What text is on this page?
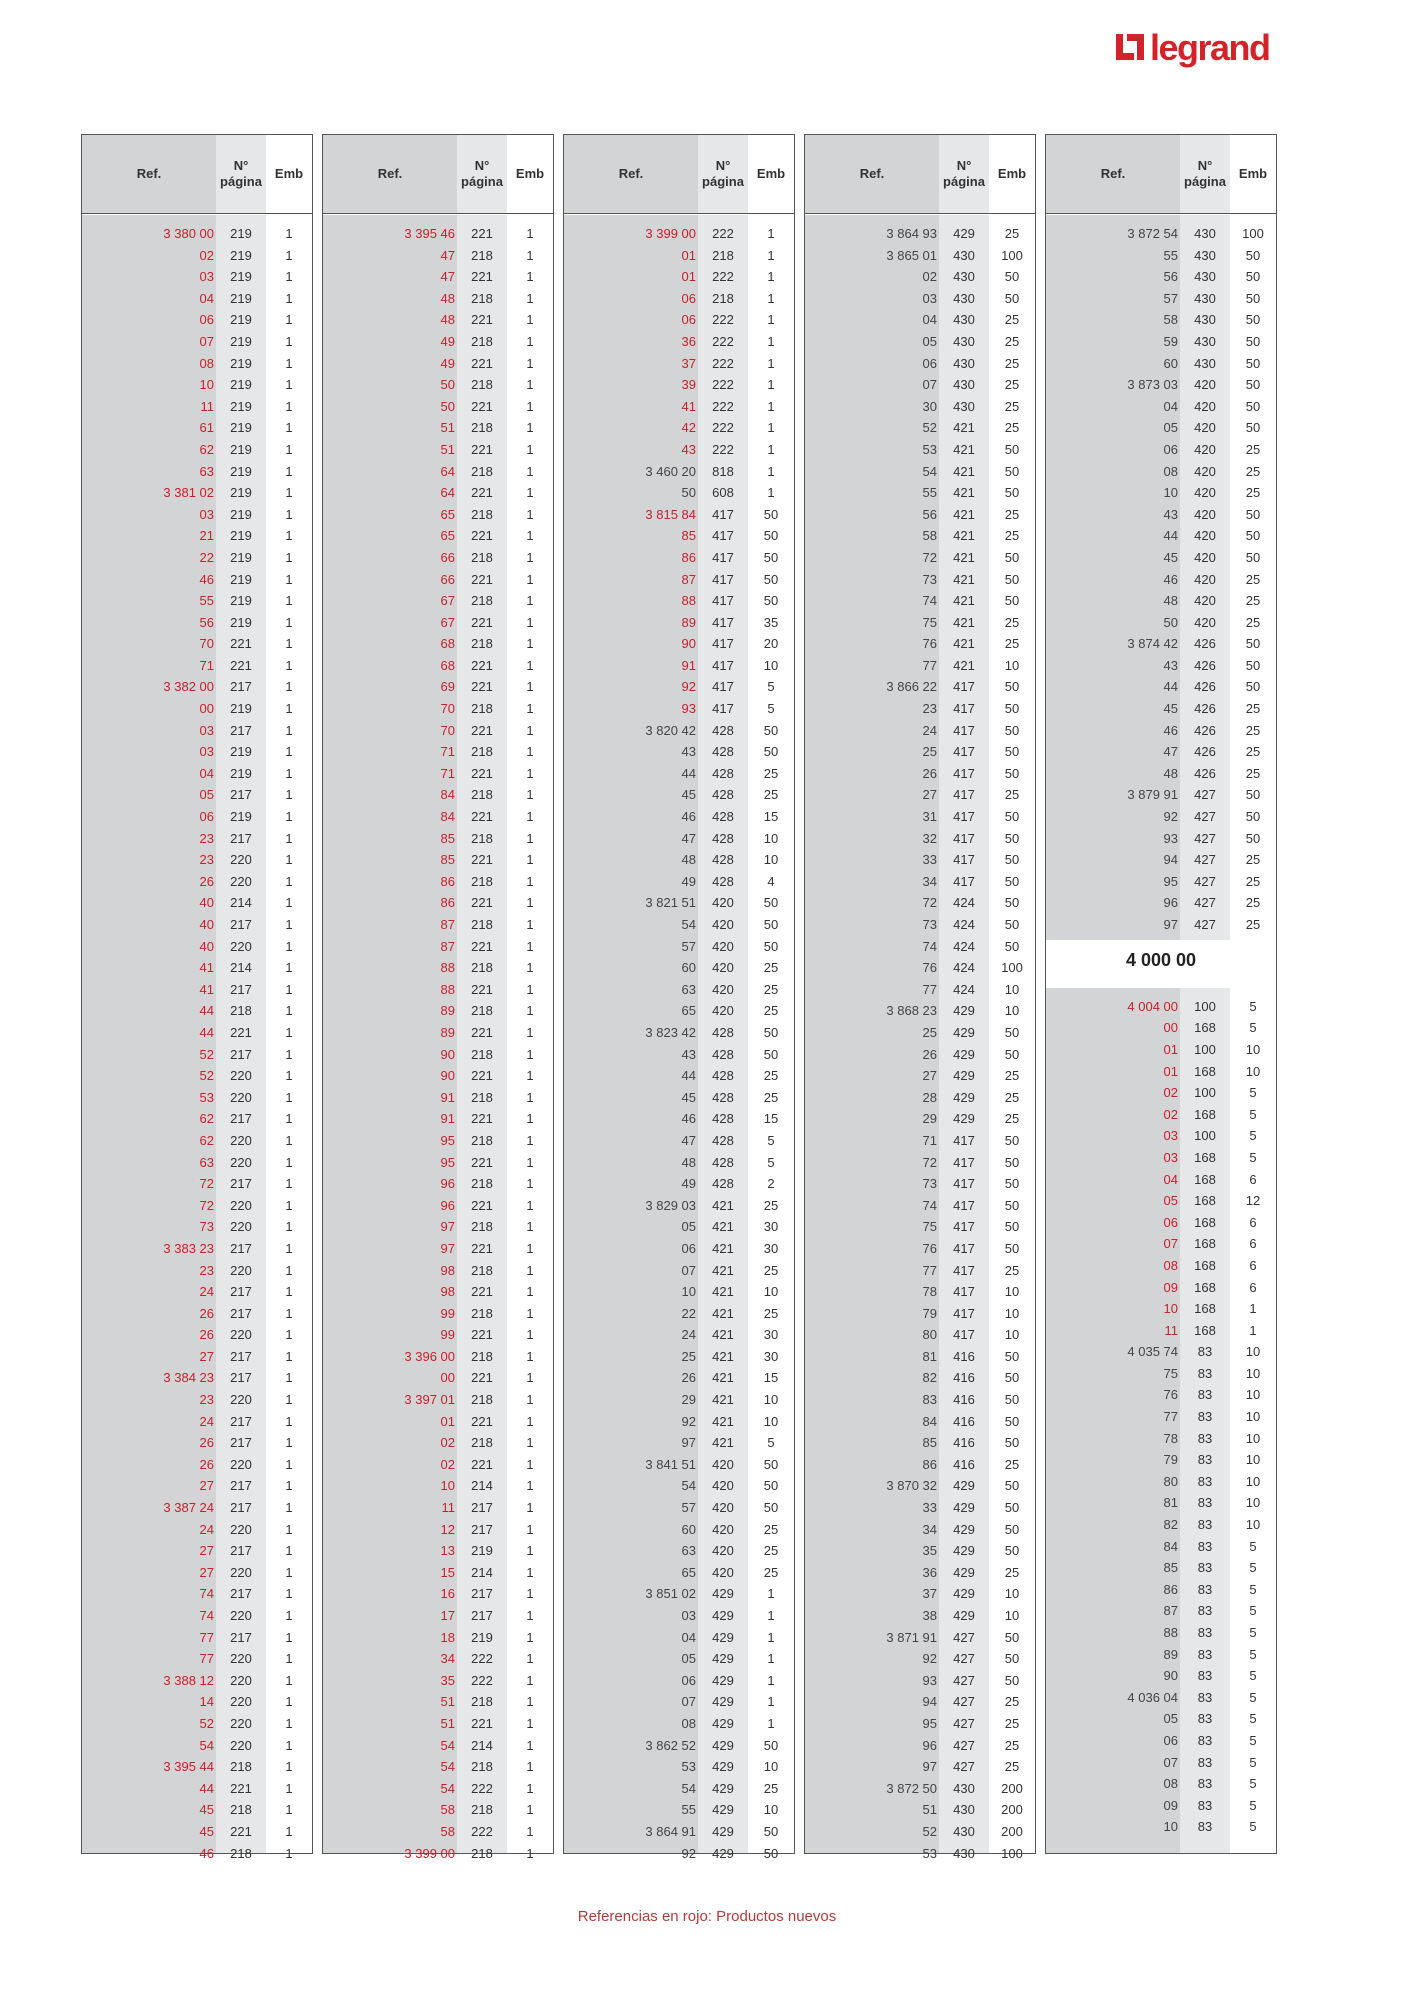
legrand
Ref.
N°
página
Emb
3 380 00	219	1
02	219	1
03	219	1
04	219	1
06	219	1
07	219	1
08	219	1
10	219	1
11	219	1
61	219	1
62	219	1
63	219	1
3 381 02	219	1
03	219	1
21	219	1
22	219	1
46	219	1
55	219	1
56	219	1
70	221	1
71	221	1
3 382 00	217	1
00	219	1
03	217	1
03	219	1
04	219	1
05	217	1
06	219	1
23	217	1
23	220	1
26	220	1
40	214	1
40	217	1
40	220	1
41	214	1
41	217	1
44	218	1
44	221	1
52	217	1
52	220	1
53	220	1
62	217	1
62	220	1
63	220	1
72	217	1
72	220	1
73	220	1
3 383 23	217	1
23	220	1
24	217	1
26	217	1
26	220	1
27	217	1
3 384 23	217	1
23	220	1
24	217	1
26	217	1
26	220	1
27	217	1
3 387 24	217	1
24	220	1
27	217	1
27	220	1
74	217	1
74	220	1
77	217	1
77	220	1
3 388 12	220	1
14	220	1
52	220	1
54	220	1
3 395 44	218	1
44	221	1
45	218	1
45	221	1
46	218	1
Ref.
N°
página
Emb
3 395 46	221	1
47	218	1
47	221	1
48	218	1
48	221	1
49	218	1
49	221	1
50	218	1
50	221	1
51	218	1
51	221	1
64	218	1
64	221	1
65	218	1
65	221	1
66	218	1
66	221	1
67	218	1
67	221	1
68	218	1
68	221	1
69	221	1
70	218	1
70	221	1
71	218	1
71	221	1
84	218	1
84	221	1
85	218	1
85	221	1
86	218	1
86	221	1
87	218	1
87	221	1
88	218	1
88	221	1
89	218	1
89	221	1
90	218	1
90	221	1
91	218	1
91	221	1
95	218	1
95	221	1
96	218	1
96	221	1
97	218	1
97	221	1
98	218	1
98	221	1
99	218	1
99	221	1
3 396 00	218	1
00	221	1
3 397 01	218	1
01	221	1
02	218	1
02	221	1
10	214	1
11	217	1
12	217	1
13	219	1
15	214	1
16	217	1
17	217	1
18	219	1
34	222	1
35	222	1
51	218	1
51	221	1
54	214	1
54	218	1
54	222	1
58	218	1
58	222	1
3 399 00	218	1
Ref.
N°
página
Emb
3 399 00	222	1
01	218	1
01	222	1
06	218	1
06	222	1
36	222	1
37	222	1
39	222	1
41	222	1
42	222	1
43	222	1
3 460 20	818	1
50	608	1
3 815 84	417	50
85	417	50
86	417	50
87	417	50
88	417	50
89	417	35
90	417	20
91	417	10
92	417	5
93	417	5
3 820 42	428	50
43	428	50
44	428	25
45	428	25
46	428	15
47	428	10
48	428	10
49	428	4
3 821 51	420	50
54	420	50
57	420	50
60	420	25
63	420	25
65	420	25
3 823 42	428	50
43	428	50
44	428	25
45	428	25
46	428	15
47	428	5
48	428	5
49	428	2
3 829 03	421	25
05	421	30
06	421	30
07	421	25
10	421	10
22	421	25
24	421	30
25	421	30
26	421	15
29	421	10
92	421	10
97	421	5
3 841 51	420	50
54	420	50
57	420	50
60	420	25
63	420	25
65	420	25
3 851 02	429	1
03	429	1
04	429	1
05	429	1
06	429	1
07	429	1
08	429	1
3 862 52	429	50
53	429	10
54	429	25
55	429	10
3 864 91	429	50
92	429	50
Ref.
N°
página
Emb
3 864 93	429	25
3 865 01	430	100
02	430	50
03	430	50
04	430	25
05	430	25
06	430	25
07	430	25
30	430	25
52	421	25
53	421	50
54	421	50
55	421	50
56	421	25
58	421	25
72	421	50
73	421	50
74	421	50
75	421	25
76	421	25
77	421	10
3 866 22	417	50
23	417	50
24	417	50
25	417	50
26	417	50
27	417	25
31	417	50
32	417	50
33	417	50
34	417	50
72	424	50
73	424	50
74	424	50
76	424	100
77	424	10
3 868 23	429	10
25	429	50
26	429	50
27	429	25
28	429	25
29	429	25
71	417	50
72	417	50
73	417	50
74	417	50
75	417	50
76	417	50
77	417	25
78	417	10
79	417	10
80	417	10
81	416	50
82	416	50
83	416	50
84	416	50
85	416	50
86	416	25
3 870 32	429	50
33	429	50
34	429	50
35	429	50
36	429	25
37	429	10
38	429	10
3 871 91	427	50
92	427	50
93	427	50
94	427	25
95	427	25
96	427	25
97	427	25
3 872 50	430	200
51	430	200
52	430	200
53	430	100
Ref.
N°
página
Emb
3 872 54	430	100
55	430	50
56	430	50
57	430	50
58	430	50
59	430	50
60	430	50
3 873 03	420	50
04	420	50
05	420	50
06	420	25
08	420	25
10	420	25
43	420	50
44	420	50
45	420	50
46	420	25
48	420	25
50	420	25
3 874 42	426	50
43	426	50
44	426	50
45	426	25
46	426	25
47	426	25
48	426	25
3 879 91	427	50
92	427	50
93	427	50
94	427	25
95	427	25
96	427	25
97	427	25
4 000 00
4 004 00	100	5
00	168	5
01	100	10
01	168	10
02	100	5
02	168	5
03	100	5
03	168	5
04	168	6
05	168	12
06	168	6
07	168	6
08	168	6
09	168	6
10	168	1
11	168	1
4 035 74	83	10
75	83	10
76	83	10
77	83	10
78	83	10
79	83	10
80	83	10
81	83	10
82	83	10
84	83	5
85	83	5
86	83	5
87	83	5
88	83	5
89	83	5
90	83	5
4 036 04	83	5
05	83	5
06	83	5
07	83	5
08	83	5
09	83	5
10	83	5
Referencias en rojo: Productos nuevos
